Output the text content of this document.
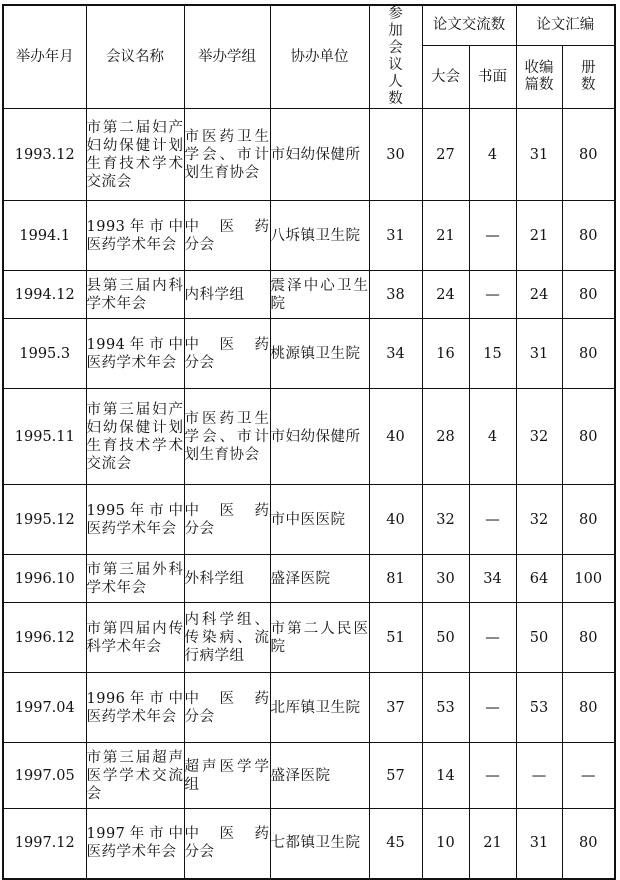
举办年月	会议名称	举办学组	协办单位	参加会议人数	论文交流数		论文汇编	
					大会	书面	收编篇数	册数
1993.12	市第二届妇产妇幼保健计划生育技术学术交流会	市医药卫生学会、市计划生育协会	市妇幼保健所	30	27	4	31	80
1994.1	1993年市中医药学术年会	中　医　药分会	八坼镇卫生院	31	21	—	21	80
1994.12	县第三届内科学术年会	内科学组	震泽中心卫生院	38	24	—	24	80
1995.3	1994年市中医药学术年会	中　医　药分会	桃源镇卫生院	34	16	15	31	80
1995.11	市第三届妇产妇幼保健计划生育技术学术交流会	市医药卫生学会、市计划生育协会	市妇幼保健所	40	28	4	32	80
1995.12	1995年市中医药学术年会	中　医　药分会	市中医医院	40	32	—	32	80
1996.10	市第三届外科学术年会	外科学组	盛泽医院	81	30	34	64	100
1996.12	市第四届内传科学术年会	内科学组、传染病、流行病学组	市第二人民医院	51	50	—	50	80
1997.04	1996年市中医药学术年会	中　医　药分会	北厍镇卫生院	37	53	—	53	80
1997.05	市第三届超声医学学术交流会	超声医学学组	盛泽医院	57	14	—	—	—
1997.12	1997年市中医药学术年会	中　医　药分会	七都镇卫生院	45	10	21	31	80
